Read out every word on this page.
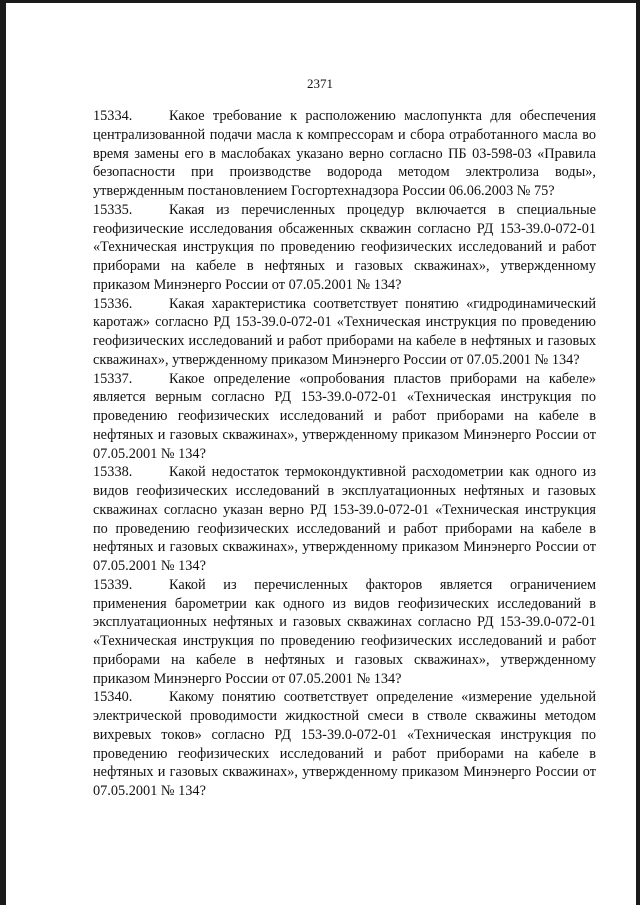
2371

15334.	Какое требование к расположению маслопункта для обеспечения централизованной подачи масла к компрессорам и сбора отработанного масла во время замены его в маслобаках указано верно согласно ПБ 03-598-03 «Правила безопасности при производстве водорода методом электролиза воды», утвержденным постановлением Госгортехнадзора России 06.06.2003 № 75?

15335.	Какая из перечисленных процедур включается в специальные геофизические исследования обсаженных скважин согласно РД 153-39.0-072-01 «Техническая инструкция по проведению геофизических исследований и работ приборами на кабеле в нефтяных и газовых скважинах», утвержденному приказом Минэнерго России от 07.05.2001 № 134?

15336.	Какая характеристика соответствует понятию «гидродинамический каротаж» согласно РД 153-39.0-072-01 «Техническая инструкция по проведению геофизических исследований и работ приборами на кабеле в нефтяных и газовых скважинах», утвержденному приказом Минэнерго России от 07.05.2001 № 134?

15337.	Какое определение «опробования пластов приборами на кабеле» является верным согласно РД 153-39.0-072-01 «Техническая инструкция по проведению геофизических исследований и работ приборами на кабеле в нефтяных и газовых скважинах», утвержденному приказом Минэнерго России от 07.05.2001 № 134?

15338.	Какой недостаток термокондуктивной расходометрии как одного из видов геофизических исследований в эксплуатационных нефтяных и газовых скважинах согласно указан верно РД 153-39.0-072-01 «Техническая инструкция по проведению геофизических исследований и работ приборами на кабеле в нефтяных и газовых скважинах», утвержденному приказом Минэнерго России от 07.05.2001 № 134?

15339.	Какой из перечисленных факторов является ограничением применения барометрии как одного из видов геофизических исследований в эксплуатационных нефтяных и газовых скважинах согласно РД 153-39.0-072-01 «Техническая инструкция по проведению геофизических исследований и работ приборами на кабеле в нефтяных и газовых скважинах», утвержденному приказом Минэнерго России от 07.05.2001 № 134?

15340.	Какому понятию соответствует определение «измерение удельной электрической проводимости жидкостной смеси в стволе скважины методом вихревых токов» согласно РД 153-39.0-072-01 «Техническая инструкция по проведению геофизических исследований и работ приборами на кабеле в нефтяных и газовых скважинах», утвержденному приказом Минэнерго России от 07.05.2001 № 134?
